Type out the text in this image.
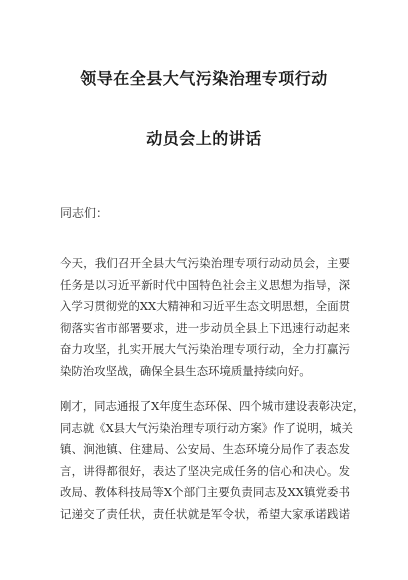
领导在全县大气污染治理专项行动
动员会上的讲话

同志们：

今天，我们召开全县大气污染治理专项行动动员会，主要
任务是以习近平新时代中国特色社会主义思想为指导，深
入学习贯彻党的XX大精神和习近平生态文明思想，全面贯
彻落实省市部署要求，进一步动员全县上下迅速行动起来
奋力攻坚，扎实开展大气污染治理专项行动，全力打赢污
染防治攻坚战，确保全县生态环境质量持续向好。

刚才，同志通报了X年度生态环保、四个城市建设表彰决定，
同志就《X县大气污染治理专项行动方案》作了说明，城关
镇、涧池镇、住建局、公安局、生态环境分局作了表态发
言，讲得都很好，表达了坚决完成任务的信心和决心。发
改局、教体科技局等X个部门主要负责同志及XX镇党委书
记递交了责任状，责任状就是军令状，希望大家承诺践诺
